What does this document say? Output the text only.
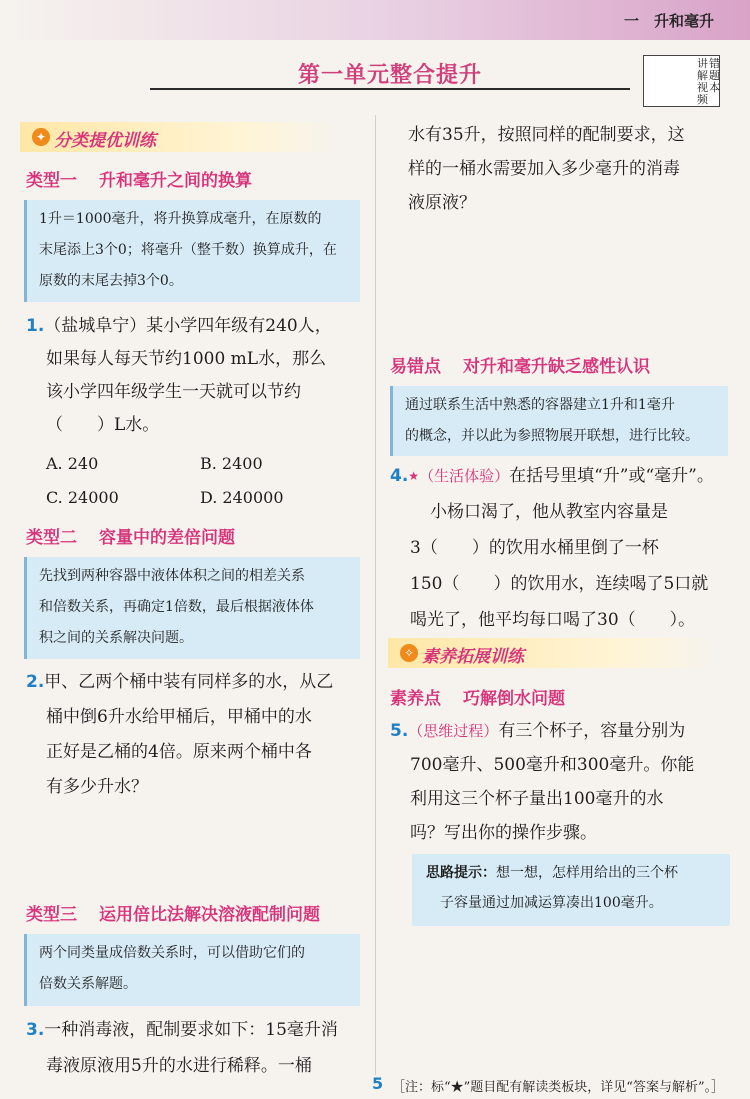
一　升和毫升
第一单元整合提升	讲解视频
错题本
✦ 分类提优训练
类型一 升和毫升之间的换算
1升＝1000毫升，将升换算成毫升，在原数的
末尾添上3个0；将毫升（整千数）换算成升，在
原数的末尾去掉3个0。
1.（盐城阜宁）某小学四年级有240人，
如果每人每天节约1000 mL水，那么
该小学四年级学生一天就可以节约
（　　）L水。
A. 240	B. 2400
C. 24000	D. 240000
类型二 容量中的差倍问题
先找到两种容器中液体体积之间的相差关系
和倍数关系，再确定1倍数，最后根据液体体
积之间的关系解决问题。
2.甲、乙两个桶中装有同样多的水，从乙
桶中倒6升水给甲桶后，甲桶中的水
正好是乙桶的4倍。原来两个桶中各
有多少升水？
类型三 运用倍比法解决溶液配制问题
两个同类量成倍数关系时，可以借助它们的
倍数关系解题。
3.一种消毒液，配制要求如下：15毫升消
毒液原液用5升的水进行稀释。一桶
水有35升，按照同样的配制要求，这
样的一桶水需要加入多少毫升的消毒
液原液？
易错点 对升和毫升缺乏感性认识
通过联系生活中熟悉的容器建立1升和1毫升
的概念，并以此为参照物展开联想，进行比较。
4.★（生活体验）在括号里填“升”或“毫升”。
小杨口渴了，他从教室内容量是
3（　　）的饮用水桶里倒了一杯
150（　　）的饮用水，连续喝了5口就
喝光了，他平均每口喝了30（　　）。
✧ 素养拓展训练
素养点 巧解倒水问题
5.（思维过程）有三个杯子，容量分别为
700毫升、500毫升和300毫升。你能
利用这三个杯子量出100毫升的水
吗？写出你的操作步骤。
思路提示：想一想，怎样用给出的三个杯
子容量通过加减运算凑出100毫升。
5 ［注：标“★”题目配有解读类板块，详见“答案与解析”。］
